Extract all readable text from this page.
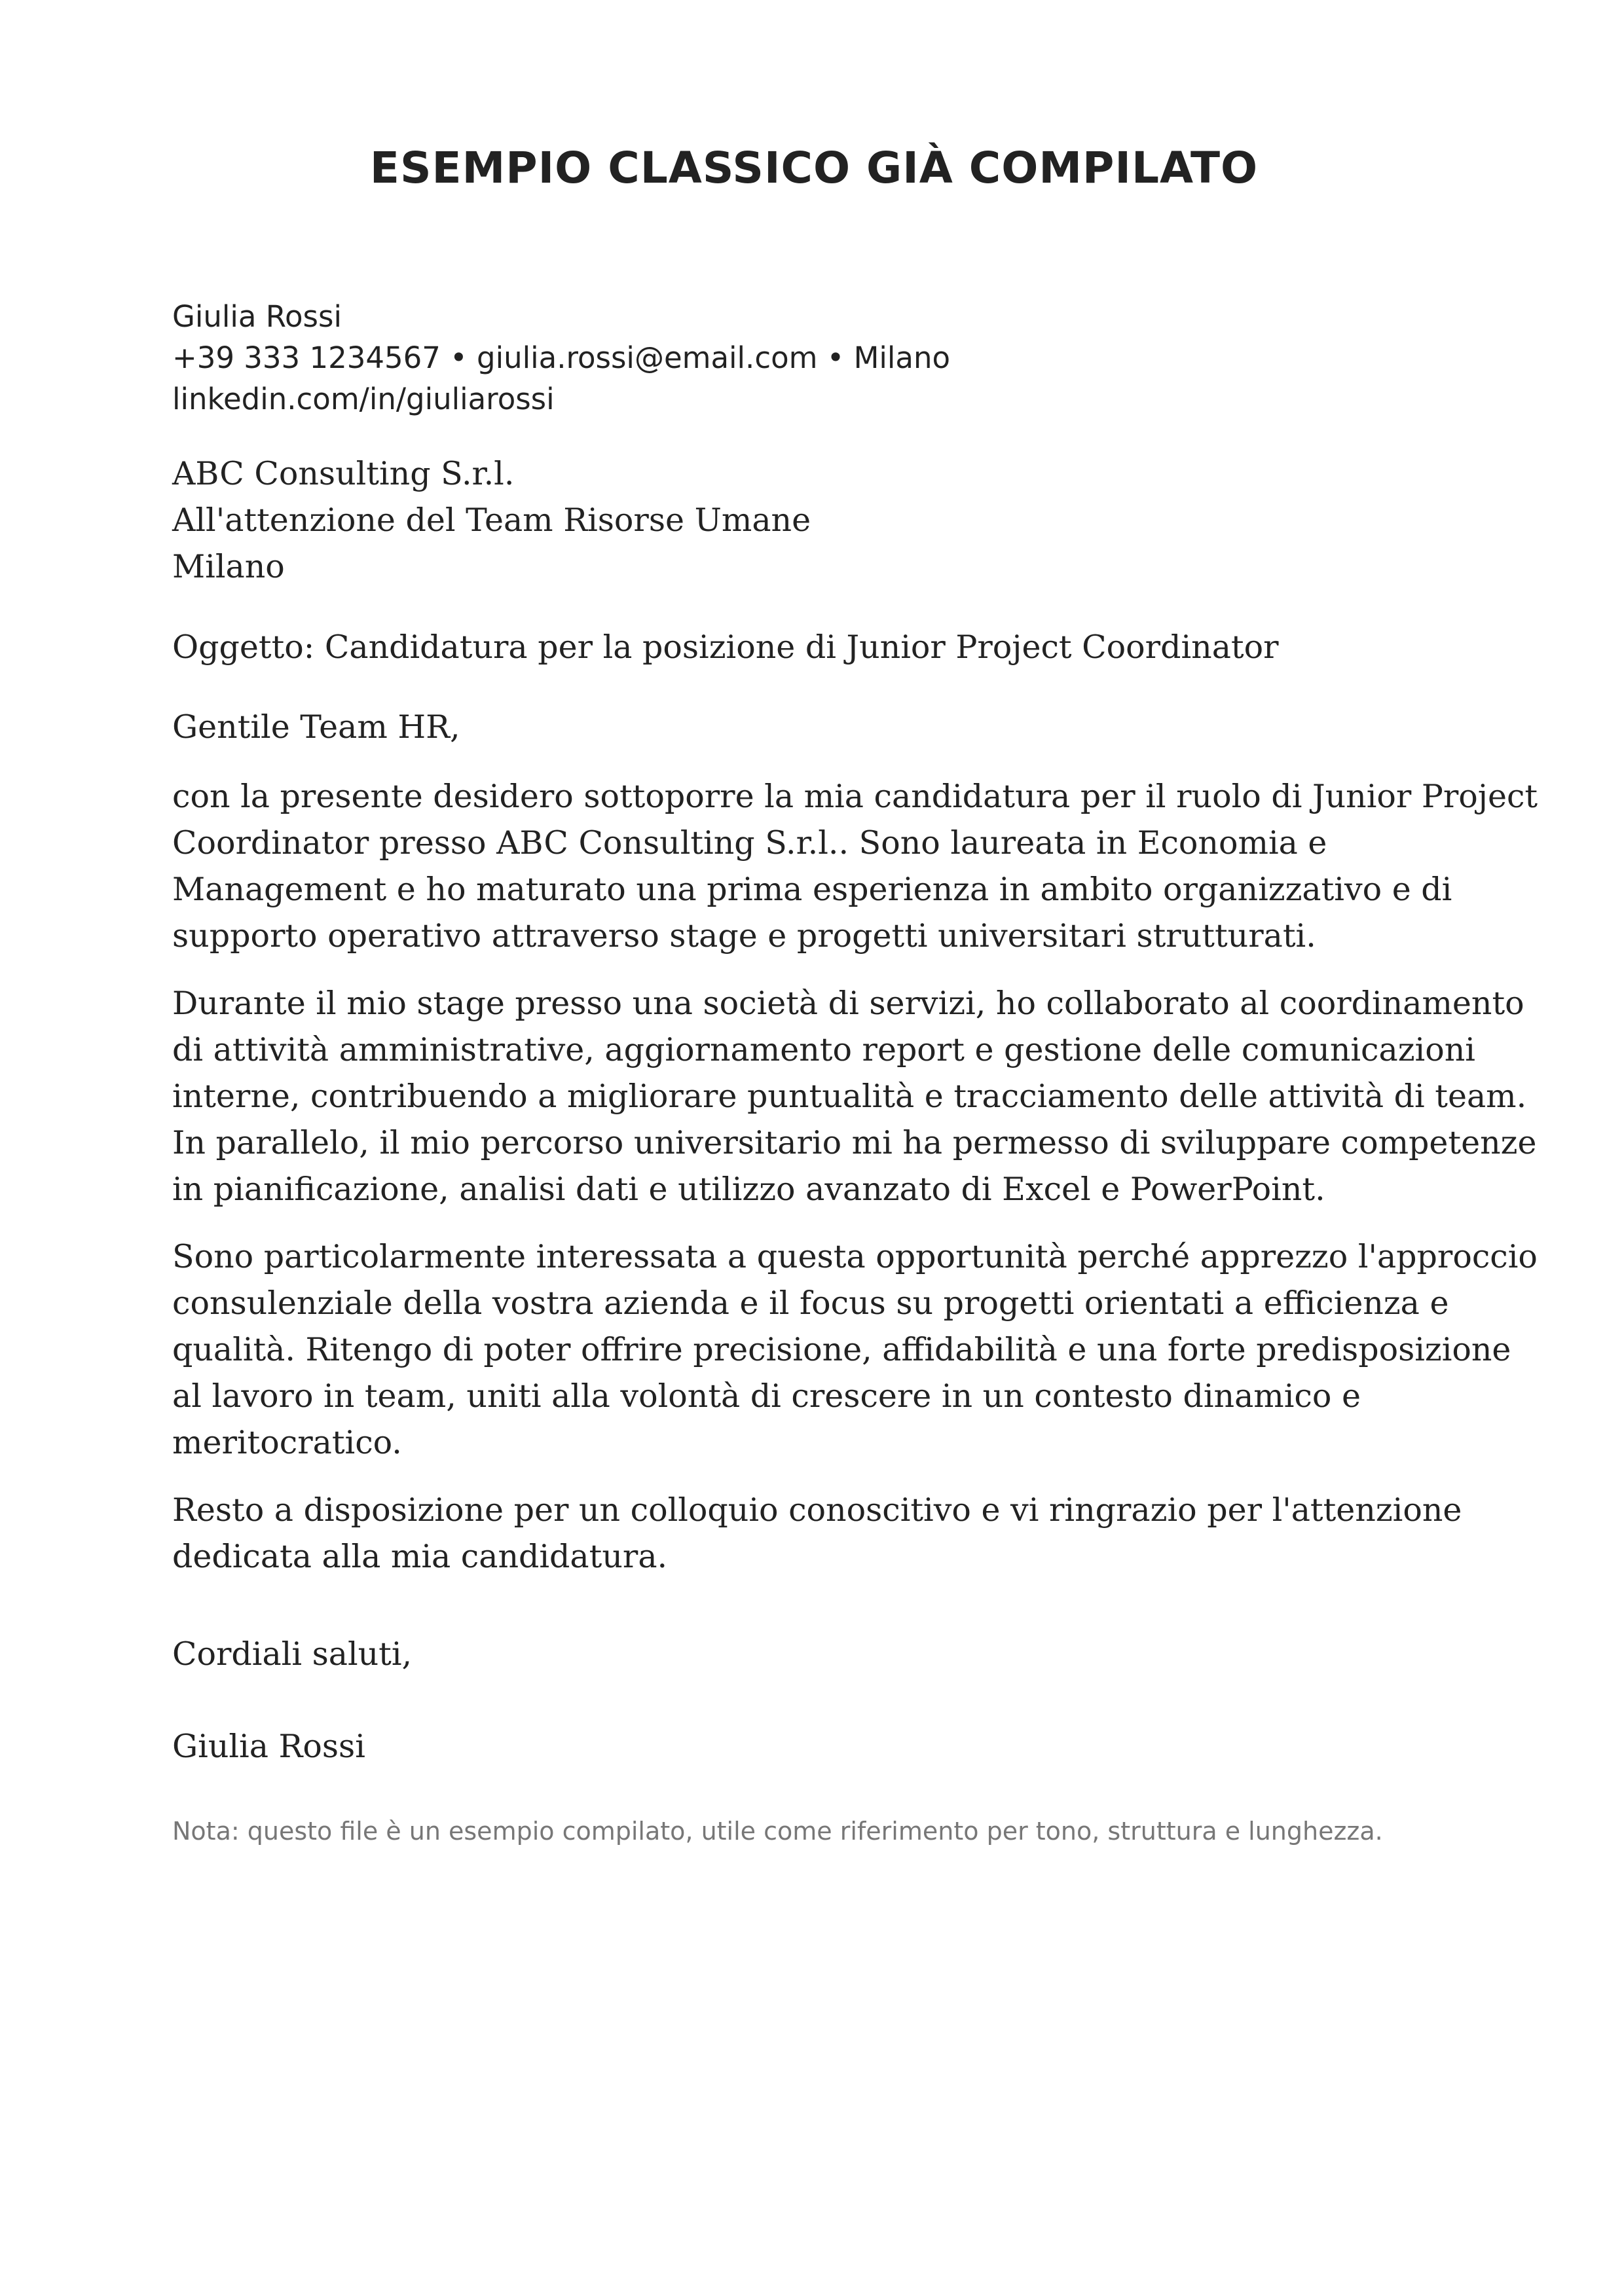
ESEMPIO CLASSICO GIÀ COMPILATO
Giulia Rossi
+39 333 1234567 • giulia.rossi@email.com • Milano
linkedin.com/in/giuliarossi
ABC Consulting S.r.l.
All'attenzione del Team Risorse Umane
Milano
Oggetto: Candidatura per la posizione di Junior Project Coordinator
Gentile Team HR,
con la presente desidero sottoporre la mia candidatura per il ruolo di Junior Project
Coordinator presso ABC Consulting S.r.l.. Sono laureata in Economia e
Management e ho maturato una prima esperienza in ambito organizzativo e di
supporto operativo attraverso stage e progetti universitari strutturati.
Durante il mio stage presso una società di servizi, ho collaborato al coordinamento
di attività amministrative, aggiornamento report e gestione delle comunicazioni
interne, contribuendo a migliorare puntualità e tracciamento delle attività di team.
In parallelo, il mio percorso universitario mi ha permesso di sviluppare competenze
in pianificazione, analisi dati e utilizzo avanzato di Excel e PowerPoint.
Sono particolarmente interessata a questa opportunità perché apprezzo l'approccio
consulenziale della vostra azienda e il focus su progetti orientati a efficienza e
qualità. Ritengo di poter offrire precisione, affidabilità e una forte predisposizione
al lavoro in team, uniti alla volontà di crescere in un contesto dinamico e
meritocratico.
Resto a disposizione per un colloquio conoscitivo e vi ringrazio per l'attenzione
dedicata alla mia candidatura.
Cordiali saluti,
Giulia Rossi
Nota: questo file è un esempio compilato, utile come riferimento per tono, struttura e lunghezza.
